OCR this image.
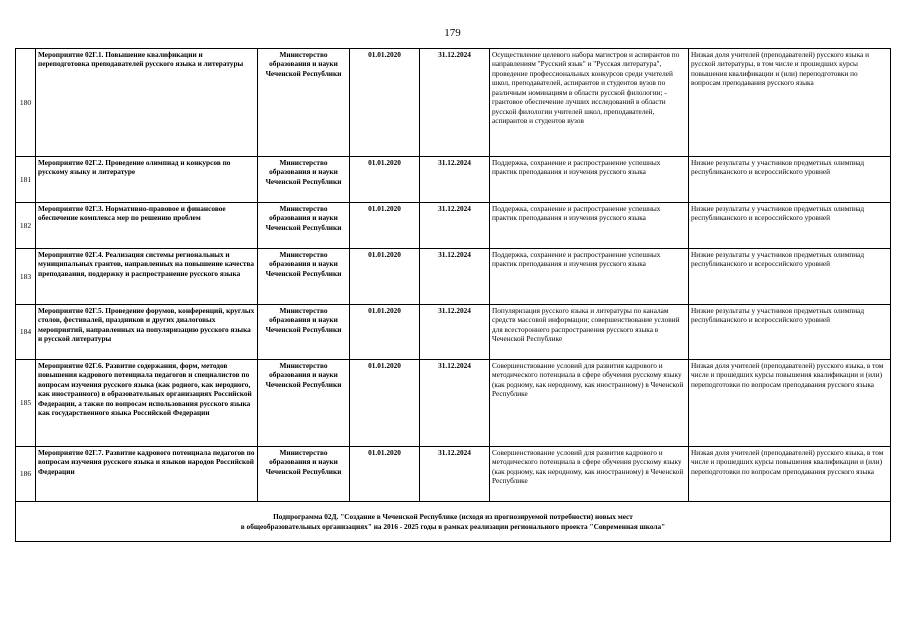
179
180	Мероприятие 02Г.1. Повышение квалификации и переподготовка преподавателей русского языка и литературы	Министерство образования и науки Чеченской Республики	01.01.2020	31.12.2024	Осуществление целевого набора магистров и аспирантов по направлениям "Русский язык" и "Русская литература", проведение профессиональных конкурсов среди учителей школ, преподавателей, аспирантов и студентов вузов по различным номинациям в области русской филологии; - грантовое обеспечение лучших исследований в области русской филологии учителей школ, преподавателей, аспирантов и студентов вузов	Низкая доля учителей (преподавателей) русского языка и русской литературы, в том числе и прошедших курсы повышения квалификации и (или) переподготовки по вопросам преподавания русского языка
181	Мероприятие 02Г.2. Проведение олимпиад и конкурсов по русскому языку и литературе	Министерство образования и науки Чеченской Республики	01.01.2020	31.12.2024	Поддержка, сохранение и распространение успешных практик преподавания и изучения русского языка	Низкие результаты у участников предметных олимпиад республиканского и всероссийского уровней
182	Мероприятие 02Г.3. Нормативно-правовое и финансовое обеспечение комплекса мер по решению проблем	Министерство образования и науки Чеченской Республики	01.01.2020	31.12.2024	Поддержка, сохранение и распространение успешных практик преподавания и изучения русского языка	Низкие результаты у участников предметных олимпиад республиканского и всероссийского уровней
183	Мероприятие 02Г.4. Реализация системы региональных и муниципальных грантов, направленных на повышение качества преподавания, поддержку и распространение русского языка	Министерство образования и науки Чеченской Республики	01.01.2020	31.12.2024	Поддержка, сохранение и распространение успешных практик преподавания и изучения русского языка	Низкие результаты у участников предметных олимпиад республиканского и всероссийского уровней
184	Мероприятие 02Г.5. Проведение форумов, конференций, круглых столов, фестивалей, праздников и других диалоговых мероприятий, направленных на популяризацию русского языка и русской литературы	Министерство образования и науки Чеченской Республики	01.01.2020	31.12.2024	Популяризация русского языка и литературы по каналам средств массовой информации; совершенствование условий для всестороннего распространения русского языка в Чеченской Республике	Низкие результаты у участников предметных олимпиад республиканского и всероссийского уровней
185	Мероприятие 02Г.6. Развитие содержания, форм, методов повышения кадрового потенциала педагогов и специалистов по вопросам изучения русского языка (как родного, как неродного, как иностранного) в образовательных организациях Российской Федерации, а также по вопросам использования русского языка как государственного языка Российской Федерации	Министерство образования и науки Чеченской Республики	01.01.2020	31.12.2024	Совершенствование условий для развития кадрового и методического потенциала в сфере обучения русскому языку (как родному, как неродному, как иностранному) в Чеченской Республике	Низкая доля учителей (преподавателей) русского языка, в том числе и прошедших курсы повышения квалификации и (или) переподготовки по вопросам преподавания русского языка
186	Мероприятие 02Г.7. Развитие кадрового потенциала педагогов по вопросам изучения русского языка и языков народов Российской Федерации	Министерство образования и науки Чеченской Республики	01.01.2020	31.12.2024	Совершенствование условий для развития кадрового и методического потенциала в сфере обучения русскому языку (как родному, как неродному, как иностранному) в Чеченской Республике	Низкая доля учителей (преподавателей) русского языка, в том числе и прошедших курсы повышения квалификации и (или) переподготовки по вопросам преподавания русского языка

Подпрограмма 02Д. "Создание в Чеченской Республике (исходя из прогнозируемой потребности) новых мест
в общеобразовательных организациях" на 2016 - 2025 годы в рамках реализации регионального проекта "Современная школа"						
